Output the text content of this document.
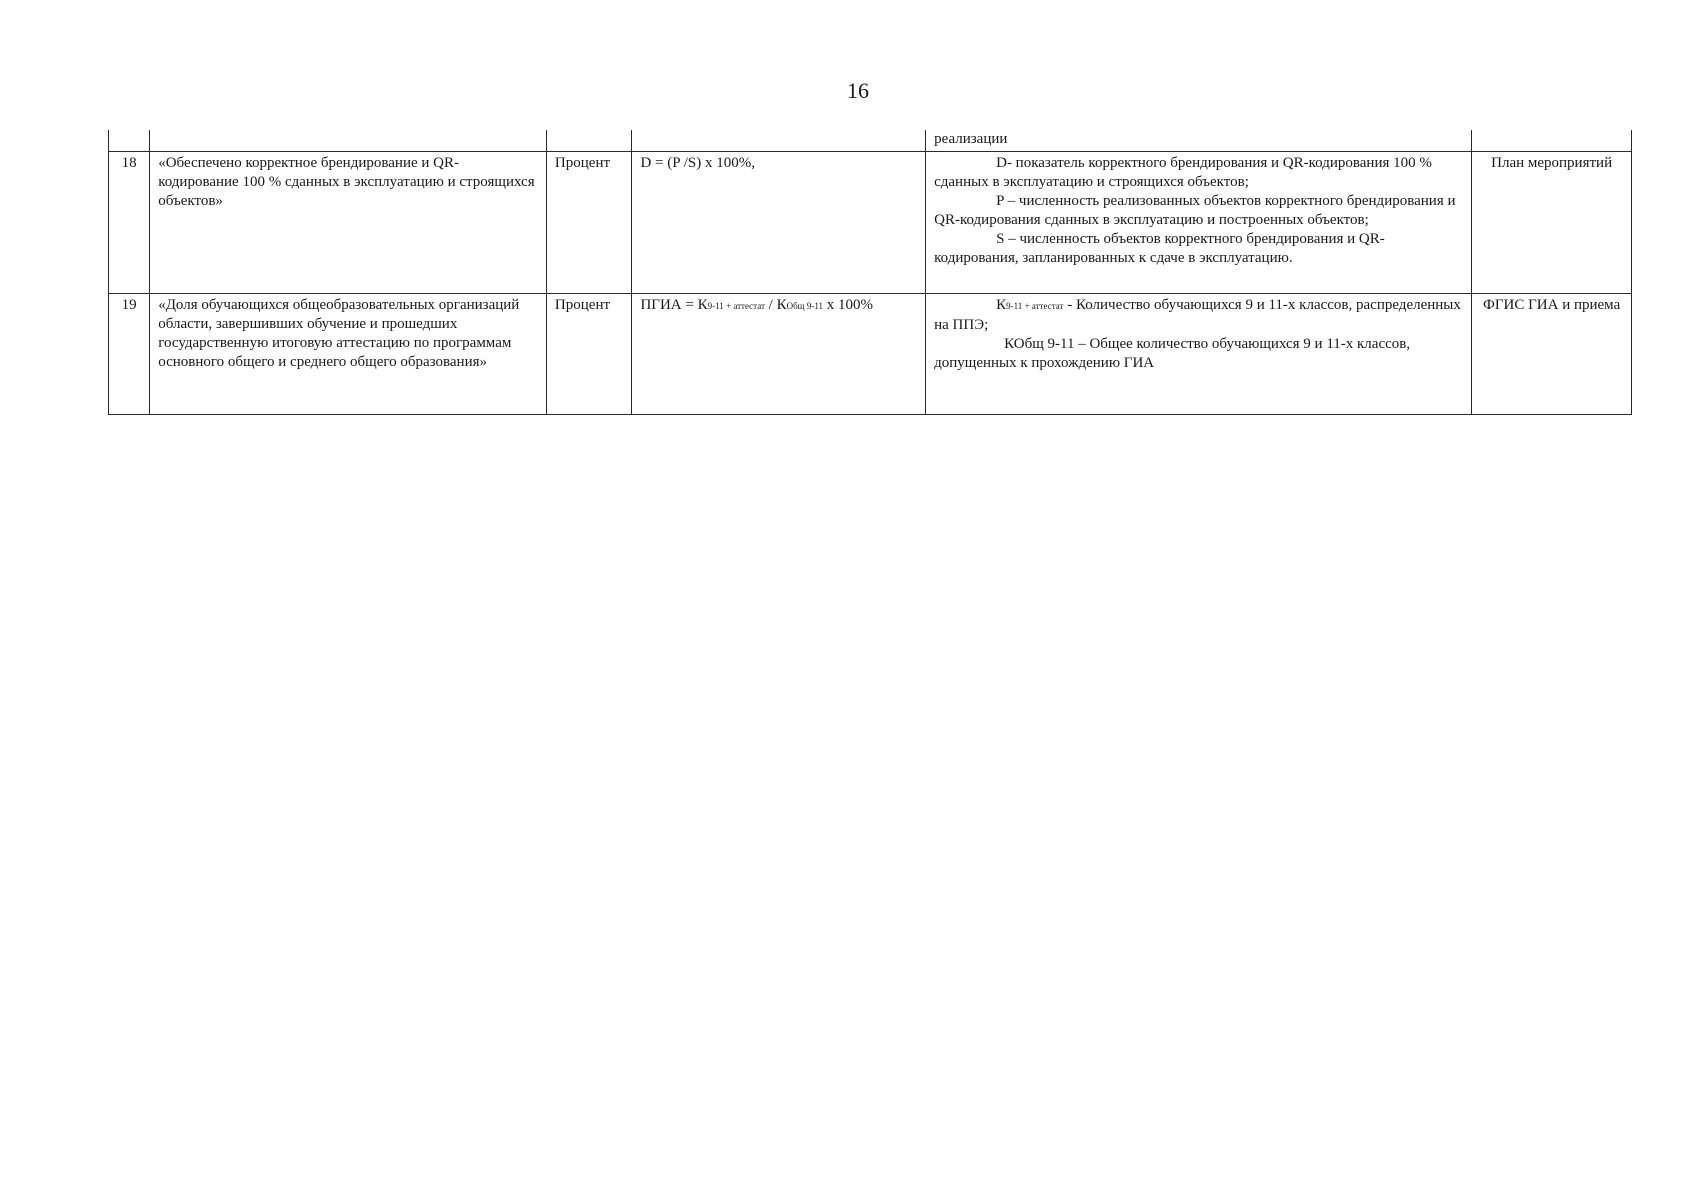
16
				реализации	
18	«Обеспечено корректное брендирование и QR-кодирование 100 % сданных в эксплуатацию и строящихся объектов»	Процент	D = (P /S) x 100%,	D- показатель корректного брендирования и QR-кодирования 100 % сданных в эксплуатацию и строящихся объектов;
P – численность реализованных объектов корректного брендирования и QR-кодирования сданных в эксплуатацию и построенных объектов;
S – численность объектов корректного брендирования и QR-кодирования, запланированных к сдаче в эксплуатацию.	План мероприятий
19	«Доля обучающихся общеобразовательных организаций области, завершивших обучение и прошедших государственную итоговую аттестацию по программам основного общего и среднего общего образования»	Процент	ПГИА = К9-11 + аттестат / КОбщ 9-11 x 100%	К9-11 + аттестат - Количество обучающихся 9 и 11-х классов, распределенных на ППЭ;
КОбщ 9-11 – Общее количество обучающихся 9 и 11-х классов, допущенных к прохождению ГИА	ФГИС ГИА и приема
